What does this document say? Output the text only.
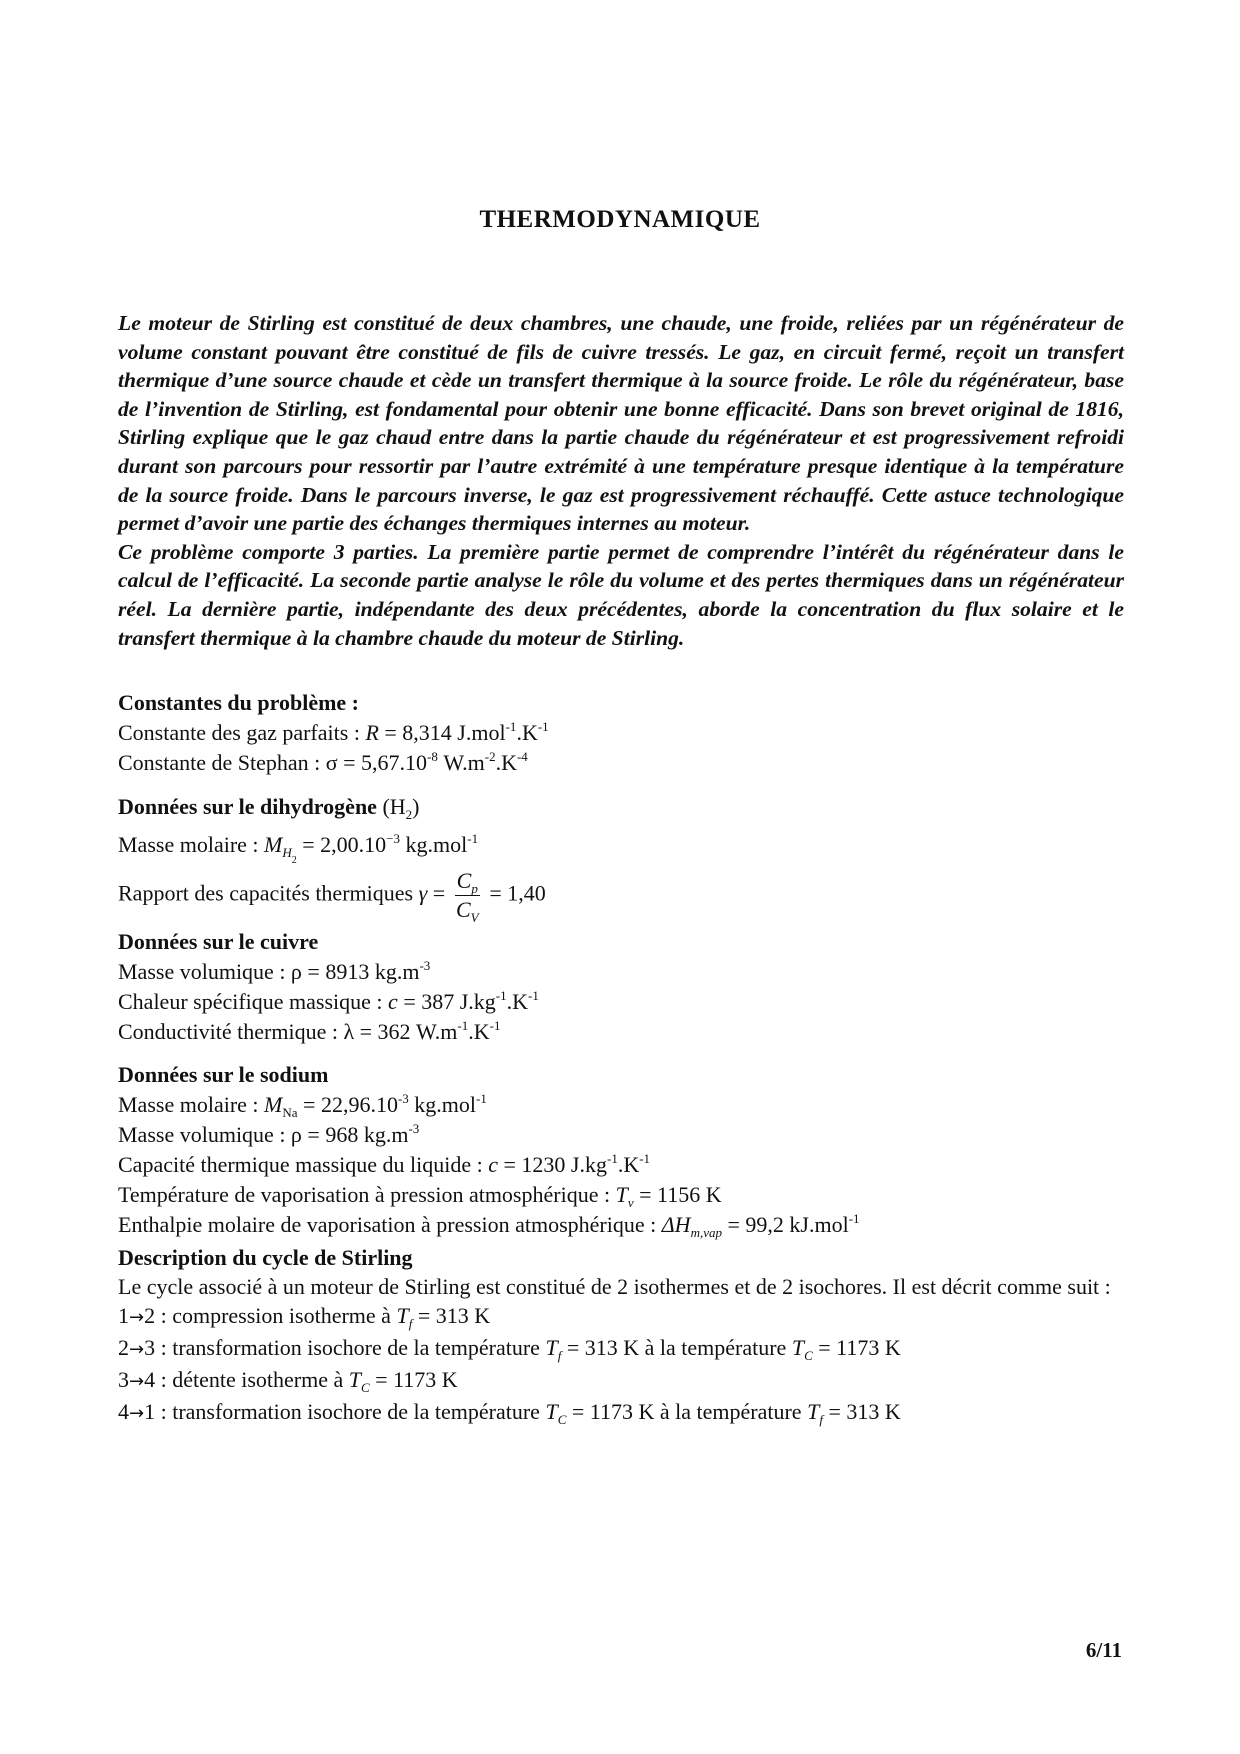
THERMODYNAMIQUE

Le moteur de Stirling est constitué de deux chambres, une chaude, une froide, reliées par un régénérateur de volume constant pouvant être constitué de fils de cuivre tressés. Le gaz, en circuit fermé, reçoit un transfert thermique d’une source chaude et cède un transfert thermique à la source froide. Le rôle du régénérateur, base de l’invention de Stirling, est fondamental pour obtenir une bonne efficacité. Dans son brevet original de 1816, Stirling explique que le gaz chaud entre dans la partie chaude du régénérateur et est progressivement refroidi durant son parcours pour ressortir par l’autre extrémité à une température presque identique à la température de la source froide. Dans le parcours inverse, le gaz est progressivement réchauffé. Cette astuce technologique permet d’avoir une partie des échanges thermiques internes au moteur.

Ce problème comporte 3 parties. La première partie permet de comprendre l’intérêt du régénérateur dans le calcul de l’efficacité. La seconde partie analyse le rôle du volume et des pertes thermiques dans un régénérateur réel. La dernière partie, indépendante des deux précédentes, aborde la concentration du flux solaire et le transfert thermique à la chambre chaude du moteur de Stirling.

Constantes du problème :
Constante des gaz parfaits : R = 8,314 $J.mol^{-1}.K^{-1}$
Constante de Stephan : $\sigma = 5,67.10^{-8}$ $W.m^{-2}.K^{-4}$
Données sur le dihydrogène $(H_2)$
Masse molaire : $M_{H_2} = 2,00.10^{-3}$ kg.mol$^{-1}$
Rapport des capacités thermiques $\gamma = \frac{C_p}{C_V} = 1,40$
Données sur le cuivre
Masse volumique : ρ = 8913 $kg.m^{-3}$
Chaleur spécifique massique : c = 387 $J.kg^{-1}.K^{-1}$
Conductivité thermique : λ = 362 $W.m^{-1}.K^{-1}$
Données sur le sodium
Masse molaire : $M_{Na} = 22,96.10^{-3}$ kg.mol$^{-1}$
Masse volumique : ρ = 968 $kg.m^{-3}$
Capacité thermique massique du liquide : c = 1230 $J.kg^{-1}.K^{-1}$
Température de vaporisation à pression atmosphérique : $T_v = 1156$ K
Enthalpie molaire de vaporisation à pression atmosphérique : $\Delta H_{m,vap} = 99,2$ kJ.mol$^{-1}$
Description du cycle de Stirling
Le cycle associé à un moteur de Stirling est constitué de 2 isothermes et de 2 isochores. Il est décrit comme suit :
1→2 : compression isotherme à $T_f = 313$ K
2→3 : transformation isochore de la température $T_f = 313$ K à la température $T_C = 1173$ K
3→4 : détente isotherme à $T_C = 1173$ K
4→1 : transformation isochore de la température $T_C = 1173$ K à la température $T_f = 313$ K
6/11
